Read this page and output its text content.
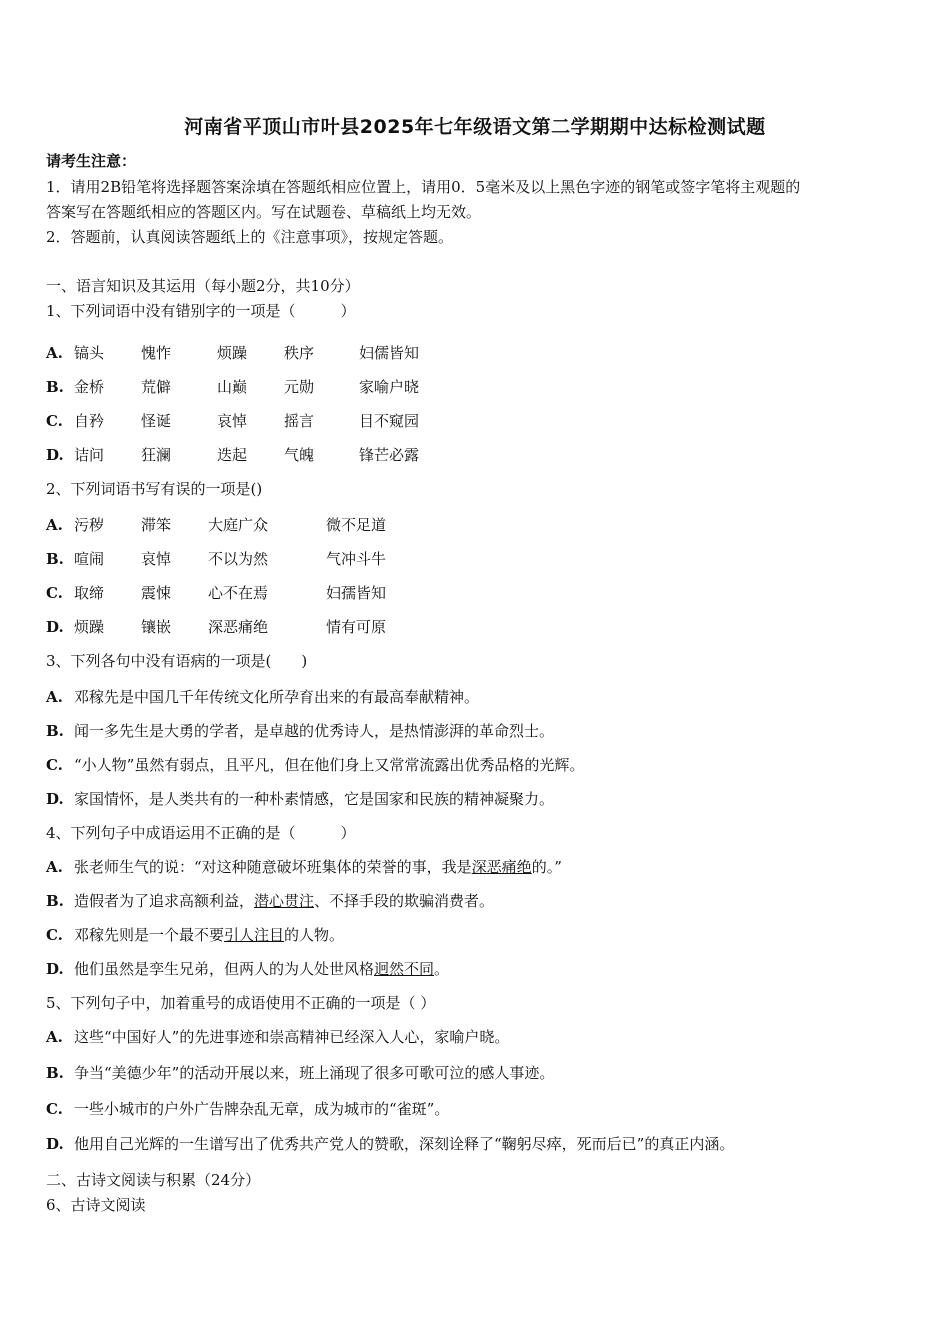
河南省平顶山市叶县2025年七年级语文第二学期期中达标检测试题
请考生注意：
1．请用2B铅笔将选择题答案涂填在答题纸相应位置上，请用0．5毫米及以上黑色字迹的钢笔或签字笔将主观题的
答案写在答题纸相应的答题区内。写在试题卷、草稿纸上均无效。
2．答题前，认真阅读答题纸上的《注意事项》，按规定答题。
一、语言知识及其运用（每小题2分，共10分）
1、下列词语中没有错别字的一项是（　　　）
A. 镐头 愧怍	烦躁 秩序	妇儒皆知
B. 金桥 荒僻	山巅 元勋	家喻户晓
C. 自矜 怪诞	哀悼 摇言	目不窥园
D. 诘问 狂澜	迭起 气魄	锋芒必露
2、下列词语书写有误的一项是()
A. 污秽 滞笨 大庭广众	微不足道
B. 喧闹 哀悼 不以为然	气冲斗牛
C. 取缔 震悚 心不在焉	妇孺皆知
D. 烦躁 镶嵌 深恶痛绝	情有可原
3、下列各句中没有语病的一项是(　　)
A. 邓稼先是中国几千年传统文化所孕育出来的有最高奉献精神。
B. 闻一多先生是大勇的学者，是卓越的优秀诗人，是热情澎湃的革命烈士。
C. “小人物”虽然有弱点，且平凡，但在他们身上又常常流露出优秀品格的光辉。
D. 家国情怀，是人类共有的一种朴素情感，它是国家和民族的精神凝聚力。
4、下列句子中成语运用不正确的是（　　　）
A. 张老师生气的说：“对这种随意破坏班集体的荣誉的事，我是深恶痛绝的。”
B. 造假者为了追求高额利益，潜心贯注、不择手段的欺骗消费者。
C. 邓稼先则是一个最不要引人注目的人物。
D. 他们虽然是孪生兄弟，但两人的为人处世风格迥然不同。
5、下列句子中，加着重号的成语使用不正确的一项是（ ）
A. 这些“中国好人”的先进事迹和崇高精神已经深入人心，家喻户晓。
B. 争当“美德少年”的活动开展以来，班上涌现了很多可歌可泣的感人事迹。
C. 一些小城市的户外广告牌杂乱无章，成为城市的“雀斑”。
D. 他用自己光辉的一生谱写出了优秀共产党人的赞歌，深刻诠释了“鞠躬尽瘁，死而后已”的真正内涵。
二、古诗文阅读与积累（24分）
6、古诗文阅读
